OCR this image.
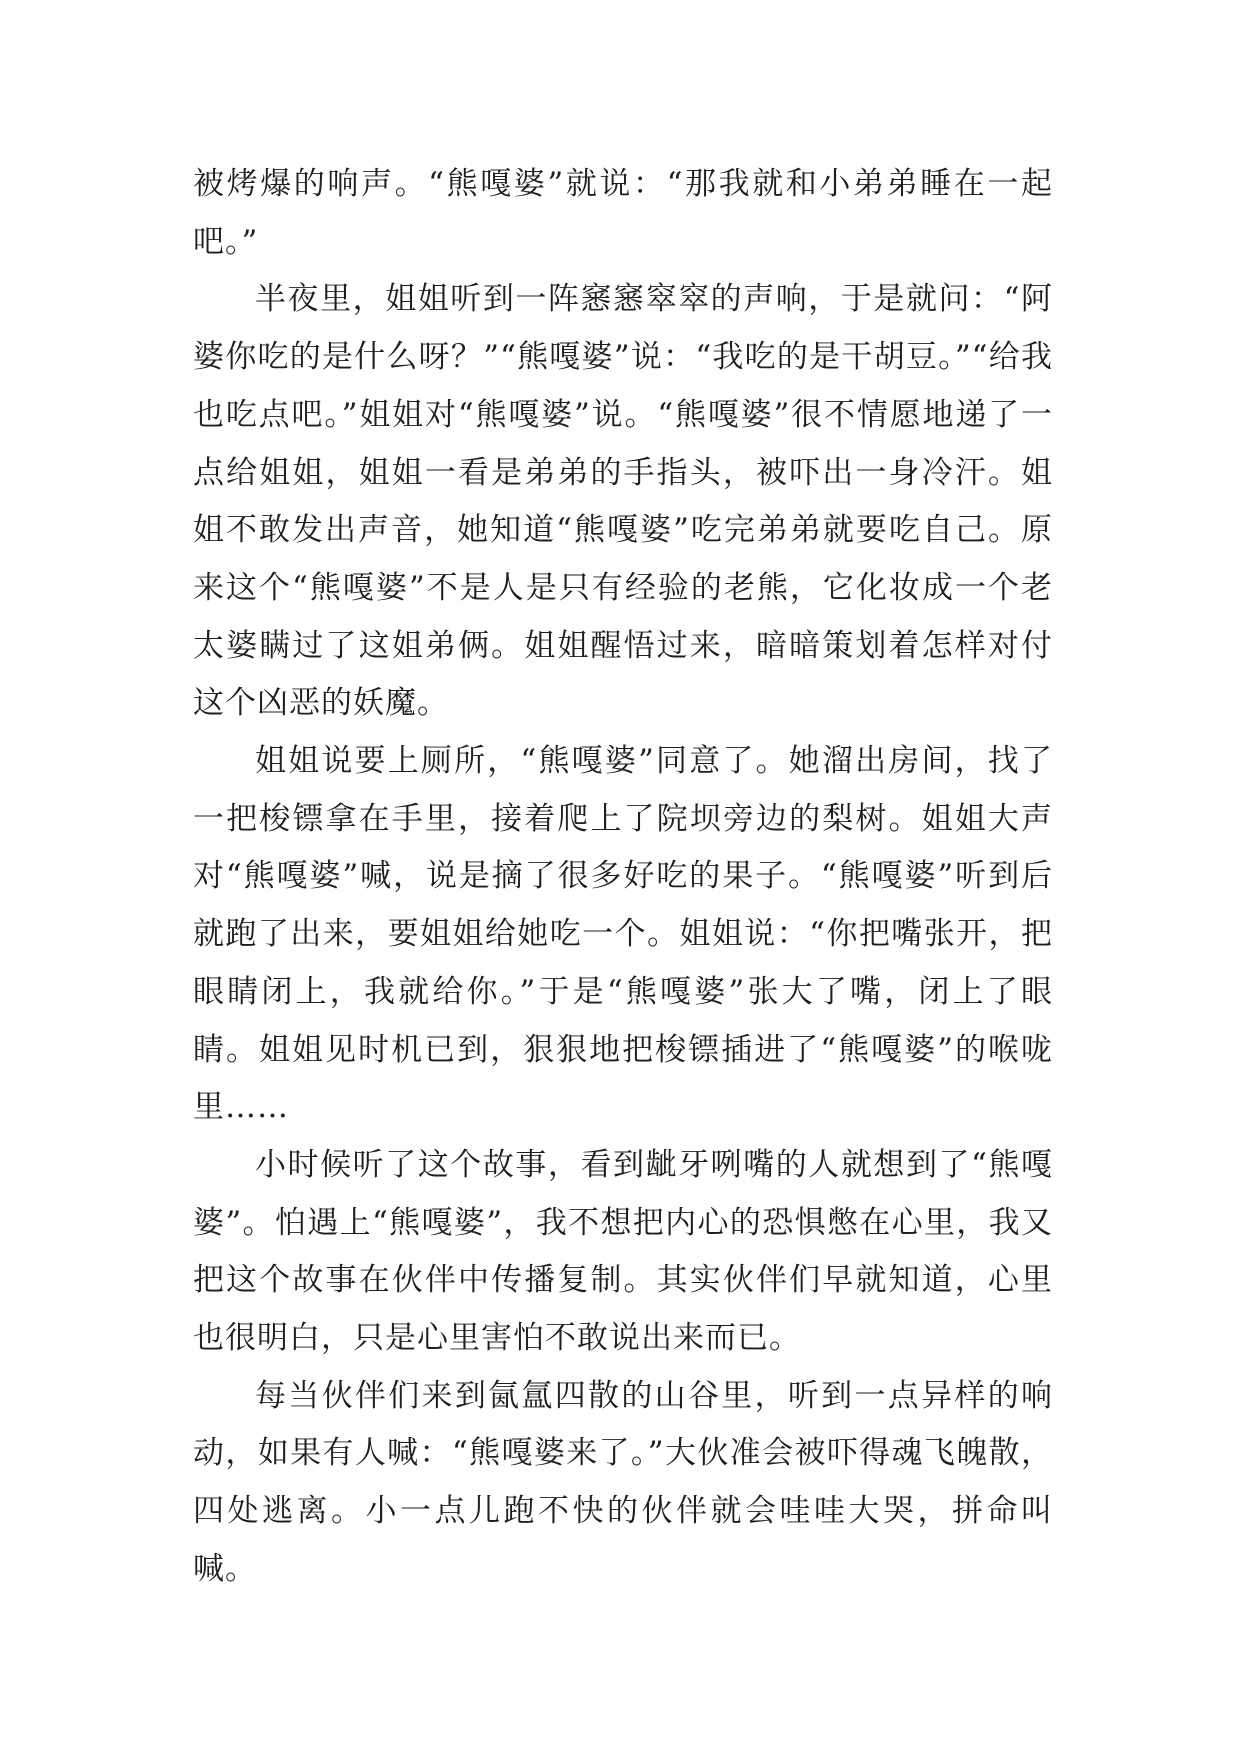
被烤爆的响声。“熊嘎婆”就说：“那我就和小弟弟睡在一起吧。”

半夜里，姐姐听到一阵窸窸窣窣的声响，于是就问：“阿婆你吃的是什么呀？”“熊嘎婆”说：“我吃的是干胡豆。”“给我也吃点吧。”姐姐对“熊嘎婆”说。“熊嘎婆”很不情愿地递了一点给姐姐，姐姐一看是弟弟的手指头，被吓出一身冷汗。姐姐不敢发出声音，她知道“熊嘎婆”吃完弟弟就要吃自己。原来这个“熊嘎婆”不是人是只有经验的老熊，它化妆成一个老太婆瞒过了这姐弟俩。姐姐醒悟过来，暗暗策划着怎样对付这个凶恶的妖魔。

姐姐说要上厕所，“熊嘎婆”同意了。她溜出房间，找了一把梭镖拿在手里，接着爬上了院坝旁边的梨树。姐姐大声对“熊嘎婆”喊，说是摘了很多好吃的果子。“熊嘎婆”听到后就跑了出来，要姐姐给她吃一个。姐姐说：“你把嘴张开，把眼睛闭上，我就给你。”于是“熊嘎婆”张大了嘴，闭上了眼睛。姐姐见时机已到，狠狠地把梭镖插进了“熊嘎婆”的喉咙里……

小时候听了这个故事，看到龇牙咧嘴的人就想到了“熊嘎婆”。怕遇上“熊嘎婆”，我不想把内心的恐惧憋在心里，我又把这个故事在伙伴中传播复制。其实伙伴们早就知道，心里也很明白，只是心里害怕不敢说出来而已。

每当伙伴们来到氤氲四散的山谷里，听到一点异样的响动，如果有人喊：“熊嘎婆来了。”大伙准会被吓得魂飞魄散，四处逃离。小一点儿跑不快的伙伴就会哇哇大哭，拼命叫喊。
